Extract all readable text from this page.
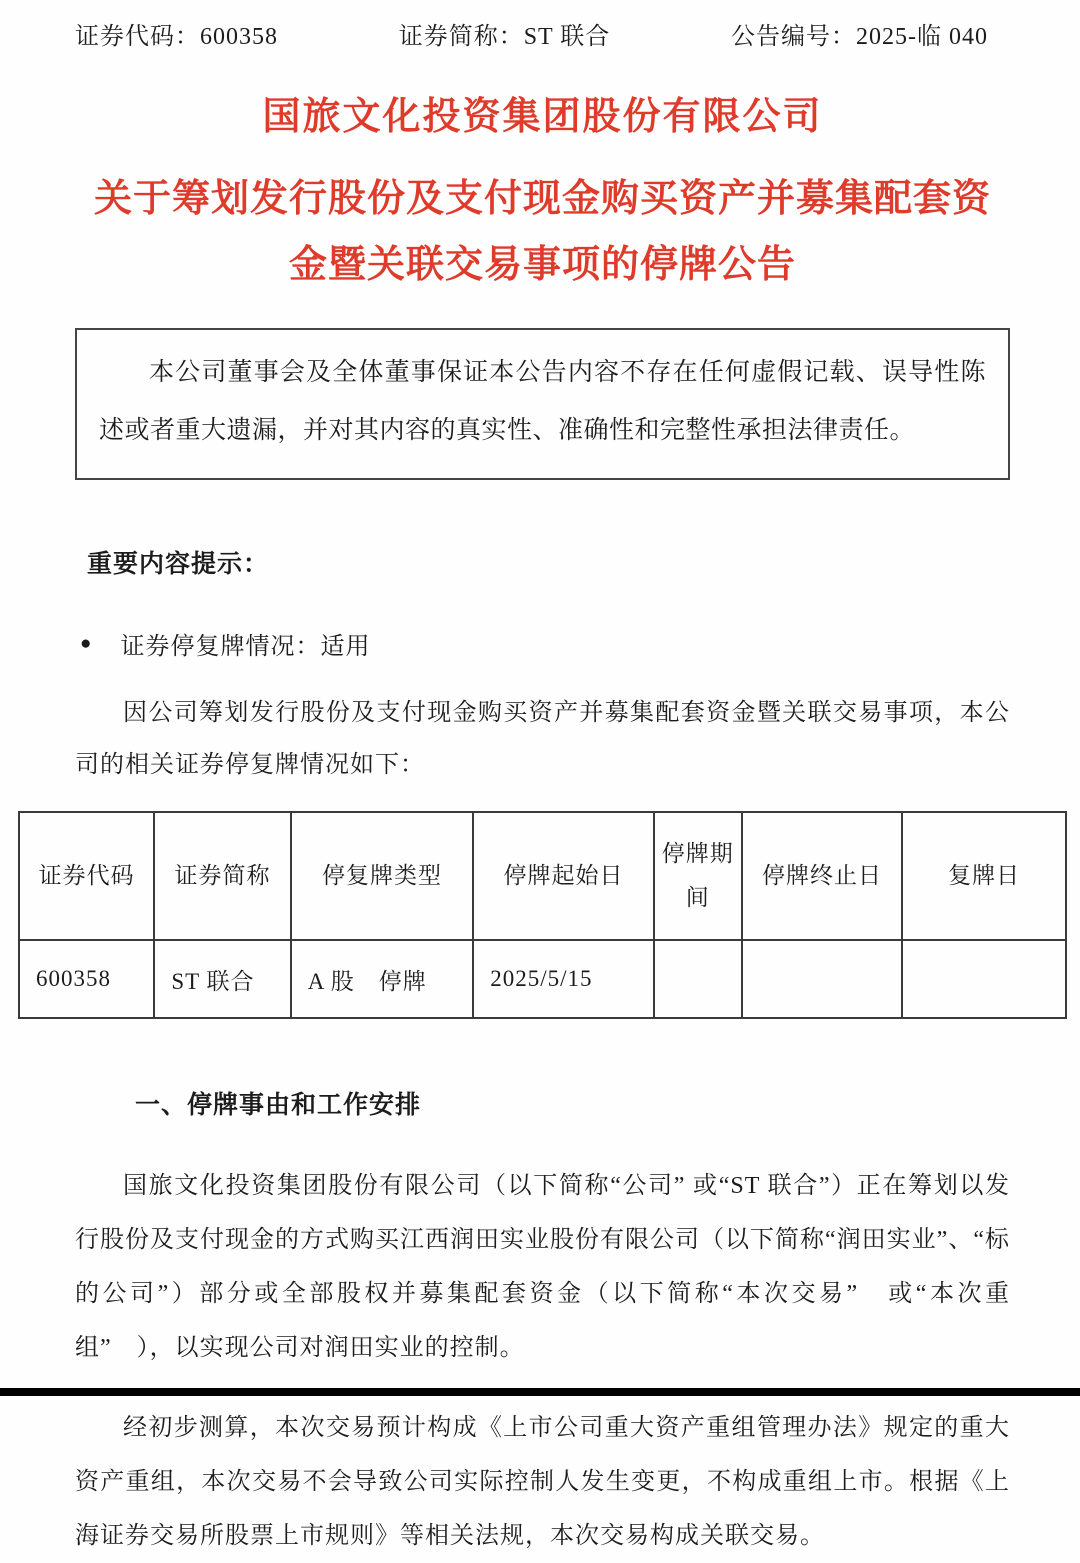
证券代码：600358	证券简称：ST 联合	公告编号：2025-临 040
国旅文化投资集团股份有限公司
关于筹划发行股份及支付现金购买资产并募集配套资
金暨关联交易事项的停牌公告

本公司董事会及全体董事保证本公告内容不存在任何虚假记载、误导性陈述或者重大遗漏，并对其内容的真实性、准确性和完整性承担法律责任。

重要内容提示：

●	证券停复牌情况：适用

因公司筹划发行股份及支付现金购买资产并募集配套资金暨关联交易事项，本公司的相关证券停复牌情况如下：

证券代码	证券简称	停复牌类型	停牌起始日	停牌期间	停牌终止日	复牌日
600358	ST 联合	A 股　停牌	2025/5/15			

一、停牌事由和工作安排

国旅文化投资集团股份有限公司（以下简称“公司” 或“ST 联合”）正在筹划以发行股份及支付现金的方式购买江西润田实业股份有限公司（以下简称“润田实业”、“标的公司”）部分或全部股权并募集配套资金（以下简称“本次交易”　或“本次重组”　），以实现公司对润田实业的控制。

经初步测算，本次交易预计构成《上市公司重大资产重组管理办法》规定的重大资产重组，本次交易不会导致公司实际控制人发生变更，不构成重组上市。根据《上海证券交易所股票上市规则》等相关法规，本次交易构成关联交易。
